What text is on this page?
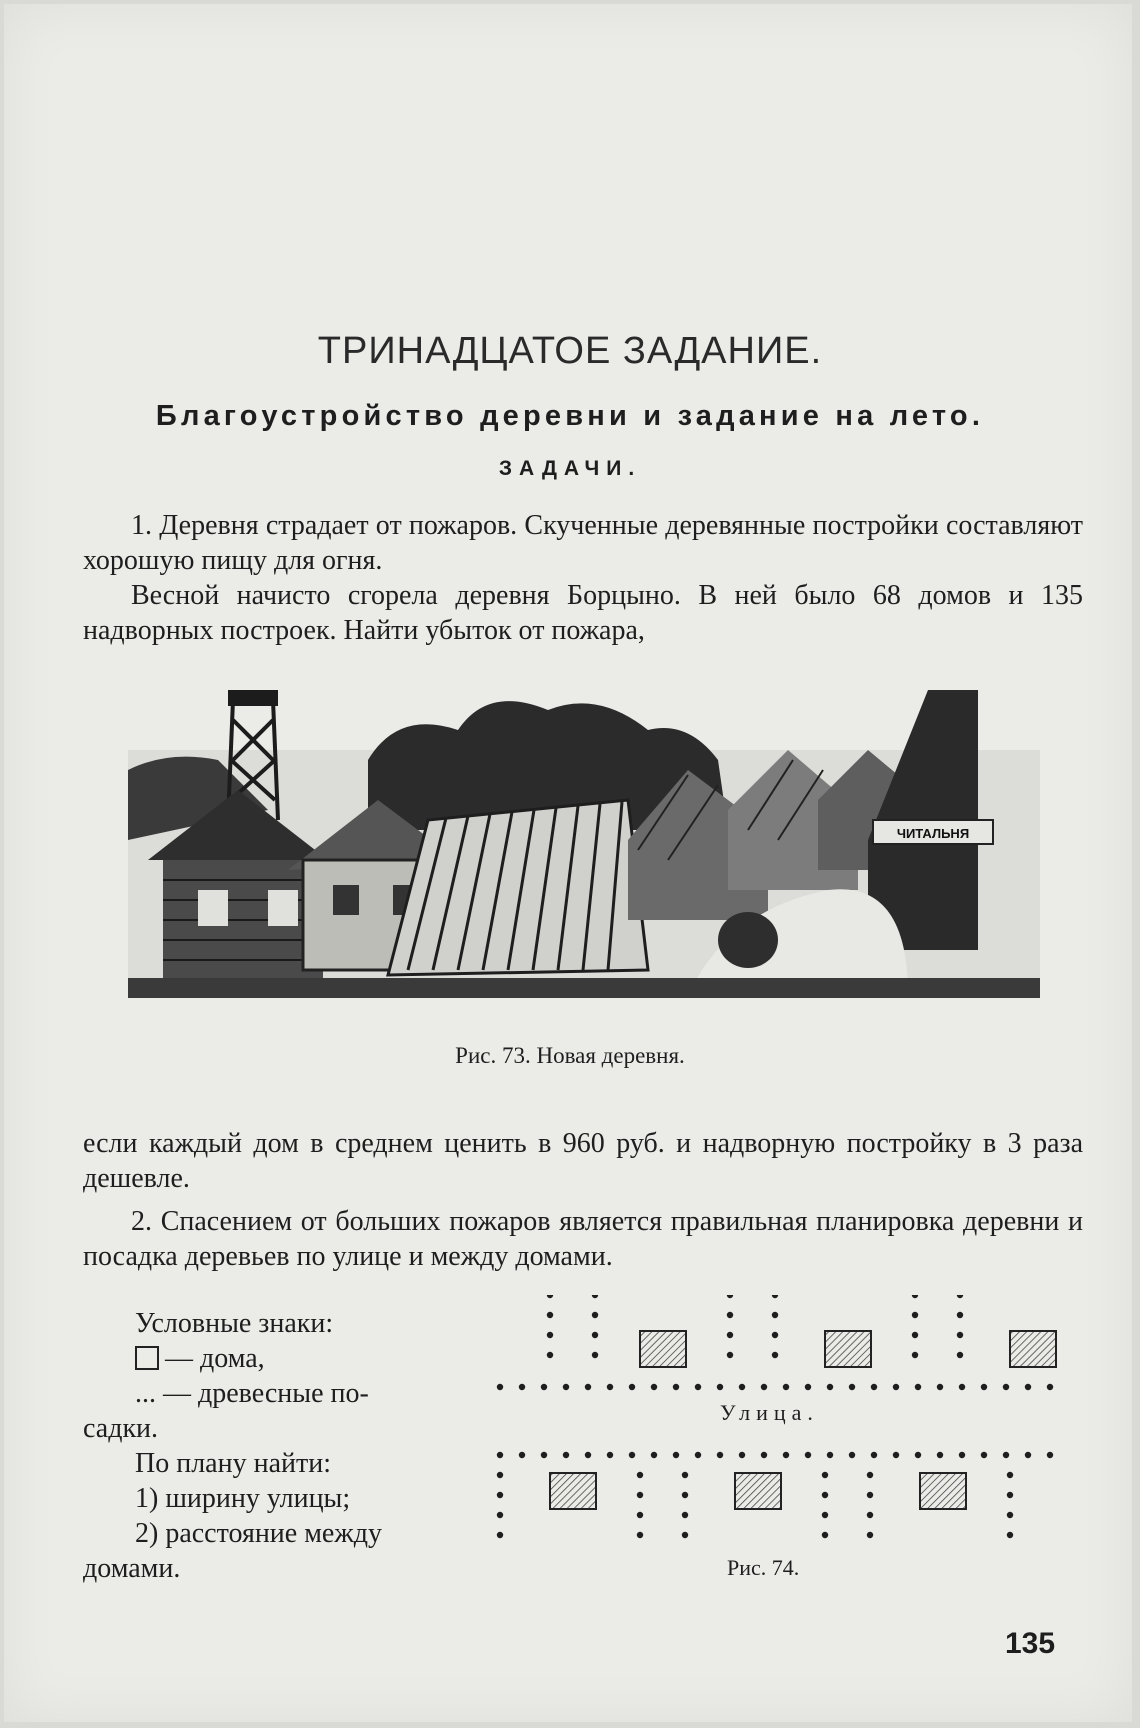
ТРИНАДЦАТОЕ ЗАДАНИЕ.
Благоустройство деревни и задание на лето.
ЗАДАЧИ.
1. Деревня страдает от пожаров. Скученные деревянные постройки составляют хорошую пищу для огня.
Весной начисто сгорела деревня Борцыно. В ней было 68 домов и 135 надворных построек. Найти убыток от пожара,
ЧИТАЛЬНЯ
Рис. 73. Новая деревня.
если каждый дом в среднем ценить в 960 руб. и надворную постройку в 3 раза дешевле.
2. Спасением от больших пожаров является правильная планировка деревни и посадка деревьев по улице и между домами.
Условные знаки:
— дома,
... — древесные по-
садки.
По плану найти:
1) ширину улицы;
2) расстояние между
домами.
Улица.
Рис. 74.
135
